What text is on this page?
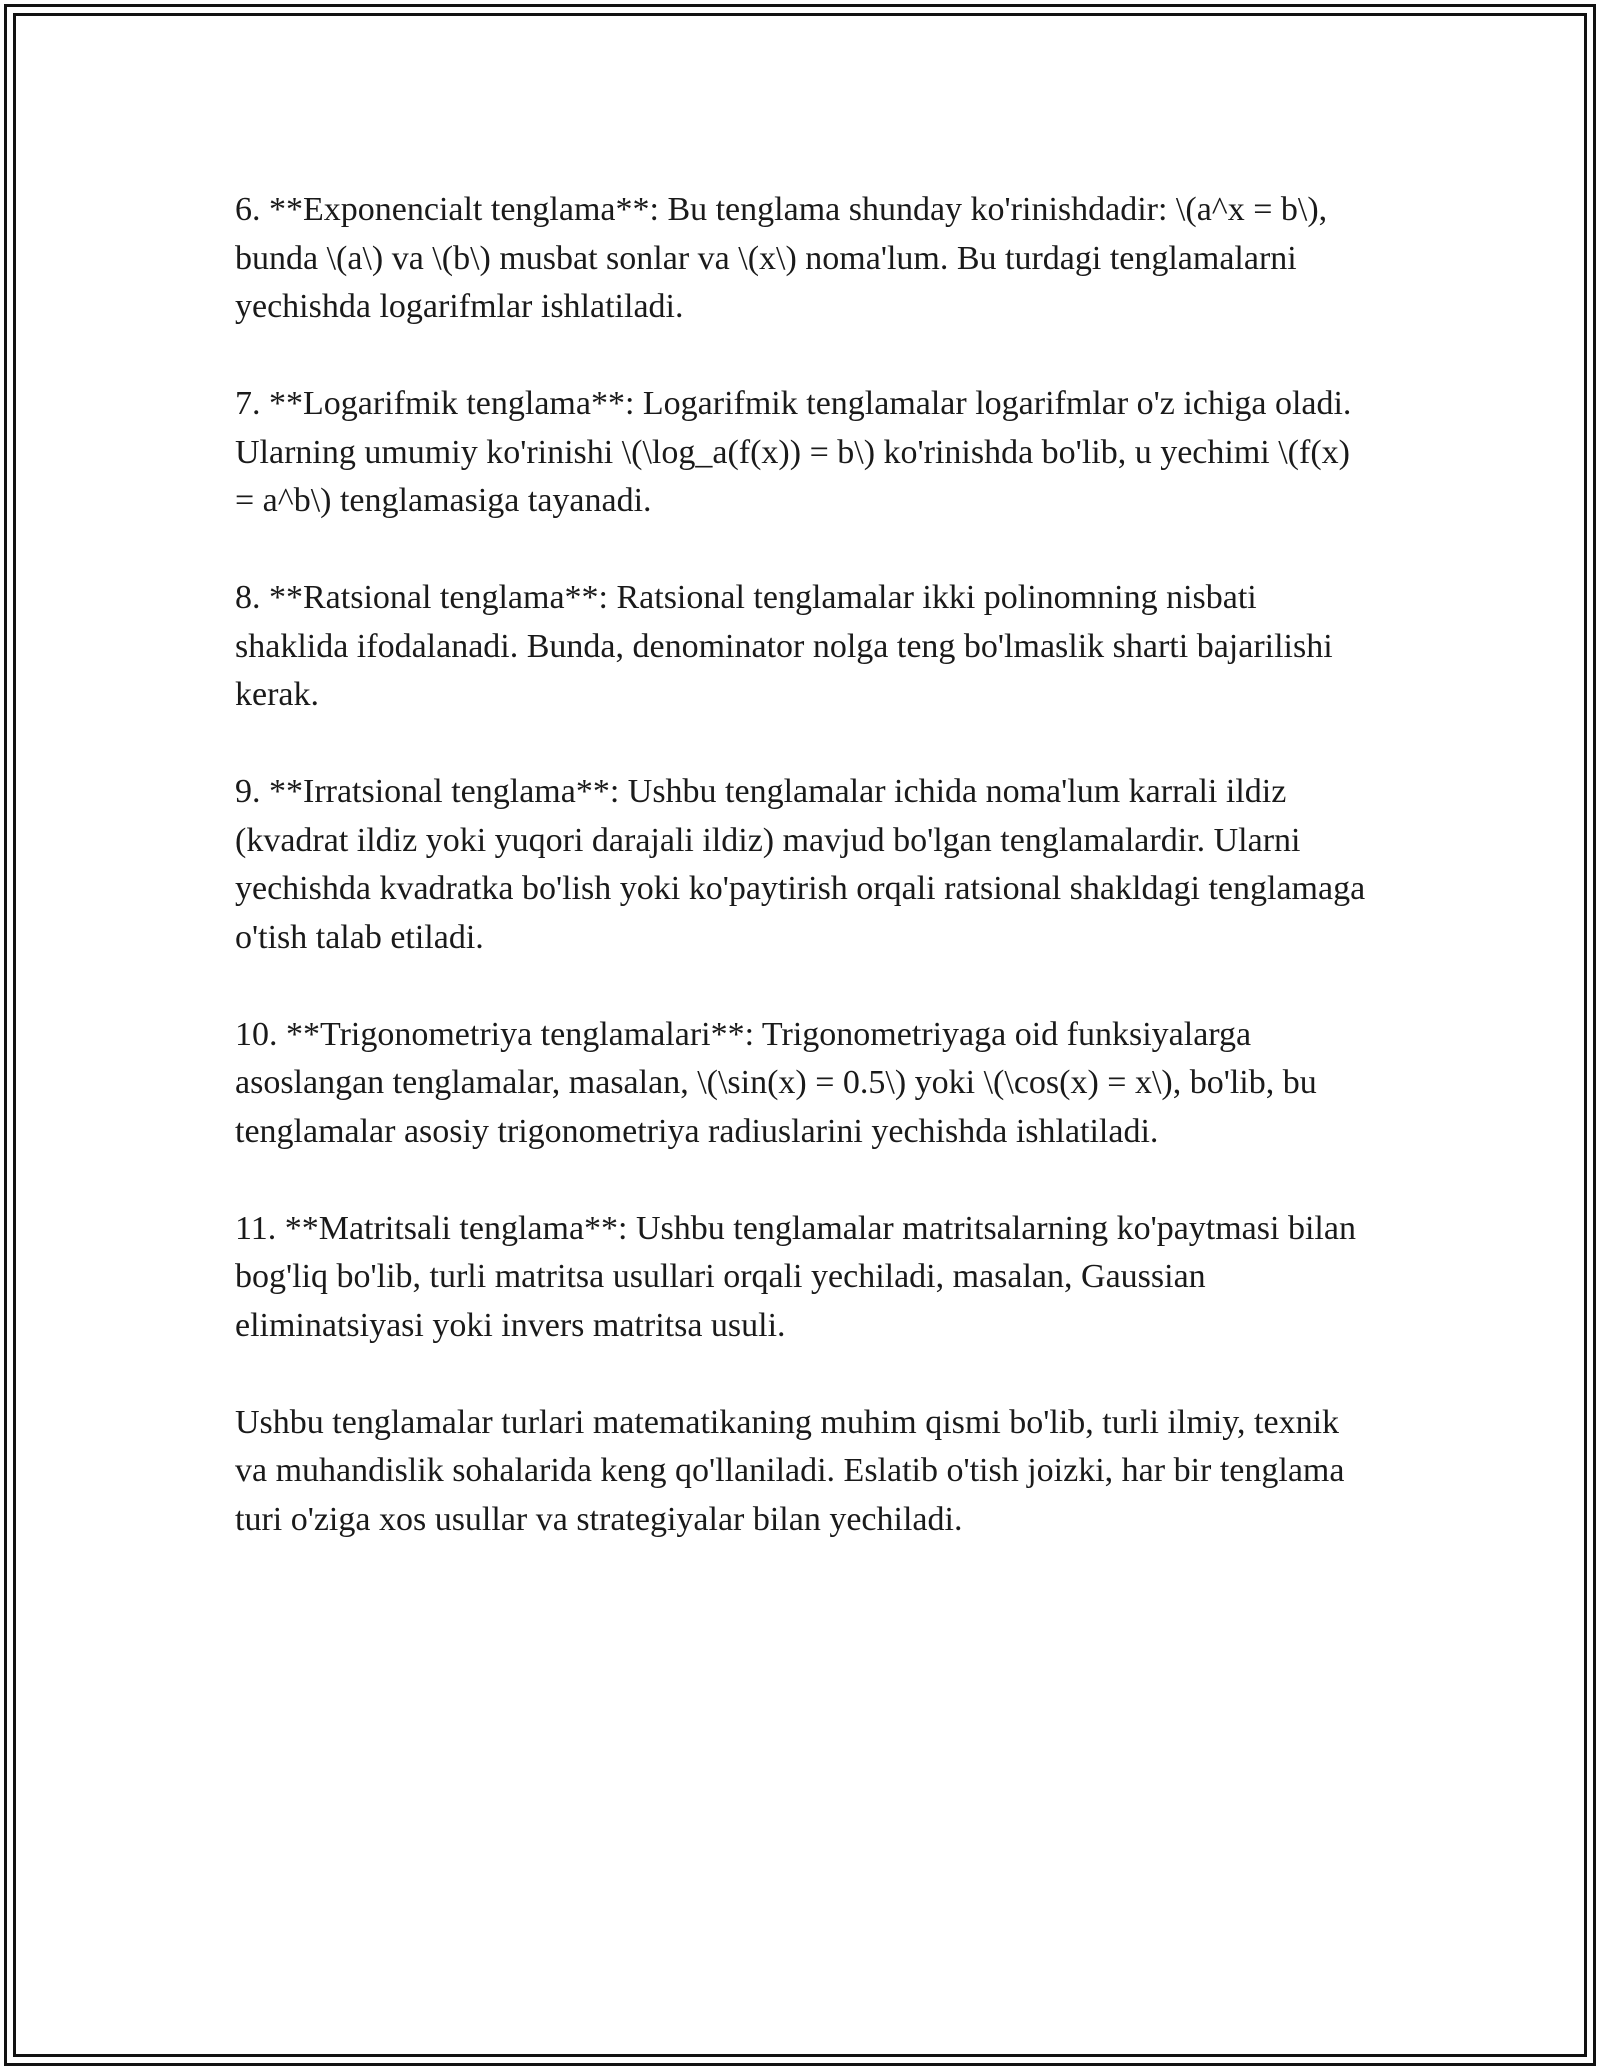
6. **Exponencialt tenglama**: Bu tenglama shunday ko'rinishdadir: \(a^x = b\), bunda \(a\) va \(b\) musbat sonlar va \(x\) noma'lum. Bu turdagi tenglamalarni yechishda logarifmlar ishlatiladi.

7. **Logarifmik tenglama**: Logarifmik tenglamalar logarifmlar o'z ichiga oladi. Ularning umumiy ko'rinishi \(\log_a(f(x)) = b\) ko'rinishda bo'lib, u yechimi \(f(x) = a^b\) tenglamasiga tayanadi.

8. **Ratsional tenglama**: Ratsional tenglamalar ikki polinomning nisbati shaklida ifodalanadi. Bunda, denominator nolga teng bo'lmaslik sharti bajarilishi kerak.

9. **Irratsional tenglama**: Ushbu tenglamalar ichida noma'lum karrali ildiz (kvadrat ildiz yoki yuqori darajali ildiz) mavjud bo'lgan tenglamalardir. Ularni yechishda kvadratka bo'lish yoki ko'paytirish orqali ratsional shakldagi tenglamaga o'tish talab etiladi.

10. **Trigonometriya tenglamalari**: Trigonometriyaga oid funksiyalarga asoslangan tenglamalar, masalan, \(\sin(x) = 0.5\) yoki \(\cos(x) = x\), bo'lib, bu tenglamalar asosiy trigonometriya radiuslarini yechishda ishlatiladi.

11. **Matritsali tenglama**: Ushbu tenglamalar matritsalarning ko'paytmasi bilan bog'liq bo'lib, turli matritsa usullari orqali yechiladi, masalan, Gaussian eliminatsiyasi yoki invers matritsa usuli.

Ushbu tenglamalar turlari matematikaning muhim qismi bo'lib, turli ilmiy, texnik va muhandislik sohalarida keng qo'llaniladi. Eslatib o'tish joizki, har bir tenglama turi o'ziga xos usullar va strategiyalar bilan yechiladi.
